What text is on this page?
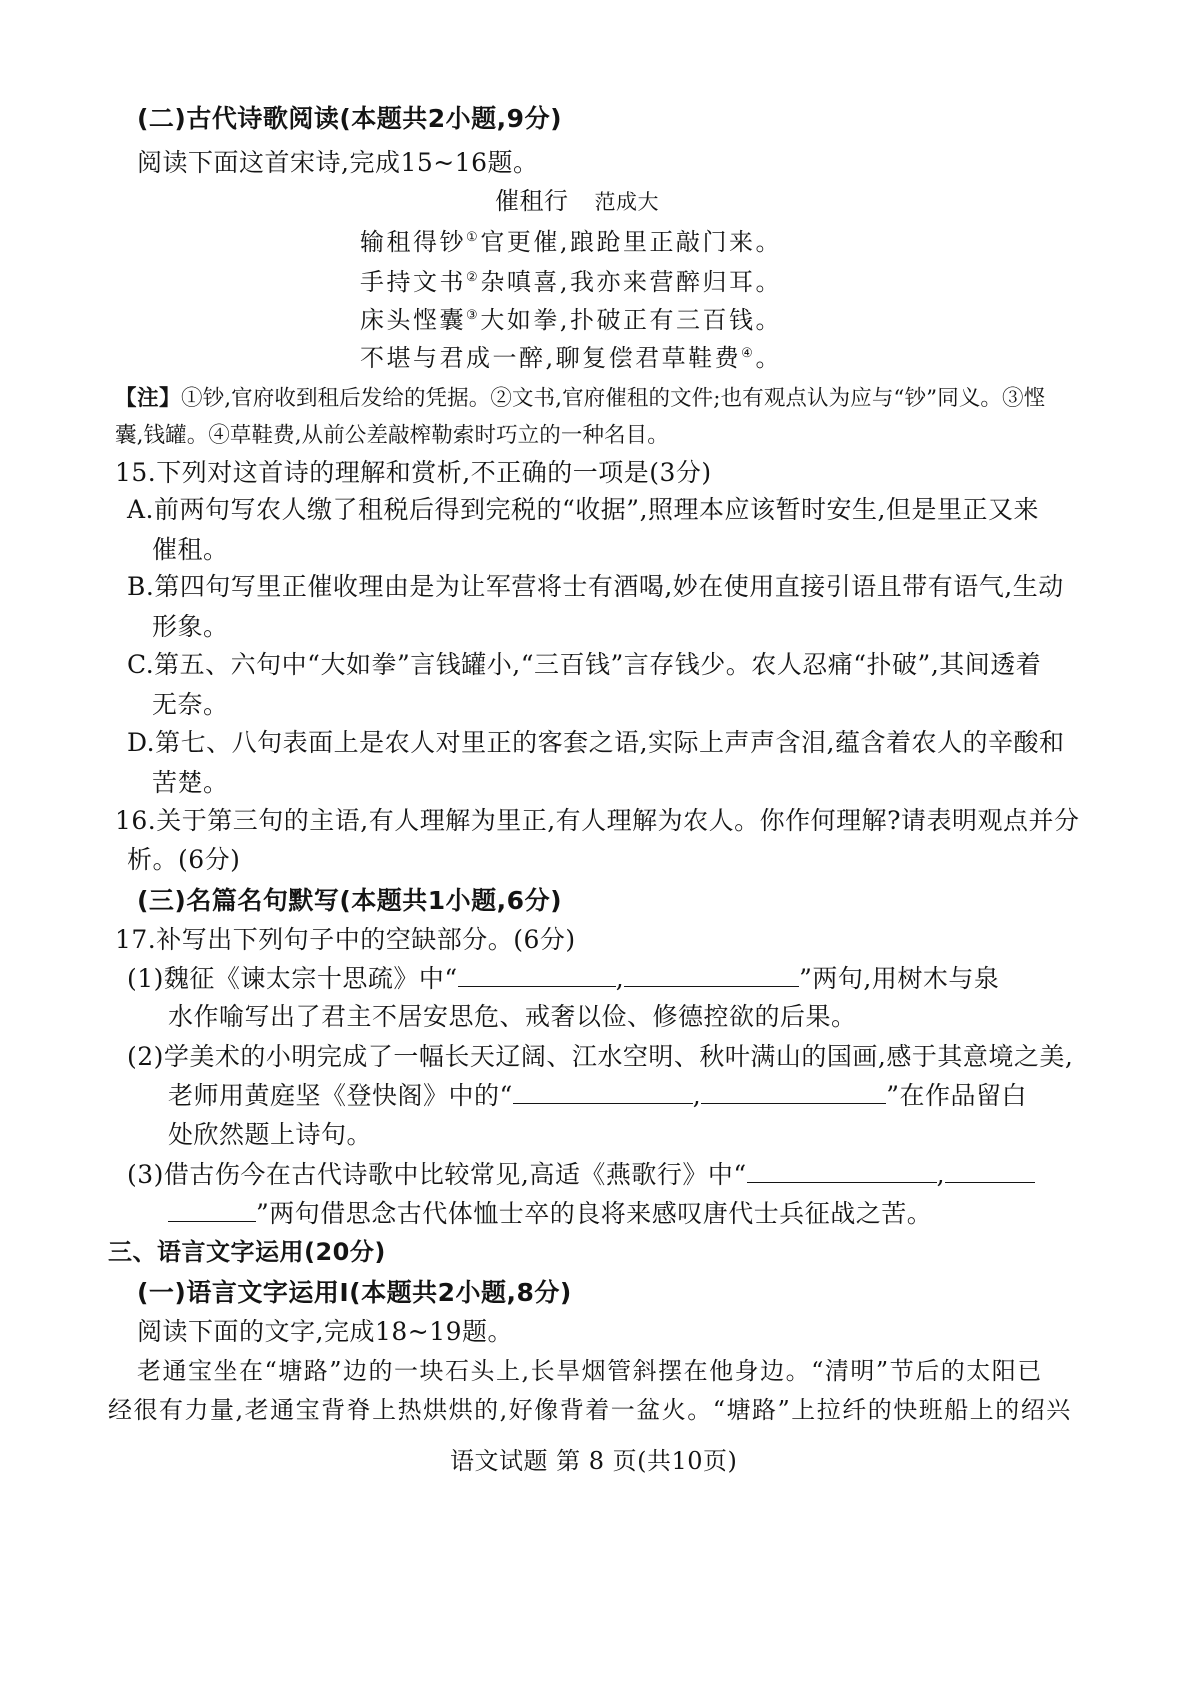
(二)古代诗歌阅读(本题共2小题,9分)
阅读下面这首宋诗,完成15~16题。
催租行 范成大
输租得钞①官更催,踉跄里正敲门来。
手持文书②杂嗔喜,我亦来营醉归耳。
床头悭囊③大如拳,扑破正有三百钱。
不堪与君成一醉,聊复偿君草鞋费④。
【注】①钞,官府收到租后发给的凭据。②文书,官府催租的文件;也有观点认为应与“钞”同义。③悭
囊,钱罐。④草鞋费,从前公差敲榨勒索时巧立的一种名目。
15.下列对这首诗的理解和赏析,不正确的一项是(3分)
A.前两句写农人缴了租税后得到完税的“收据”,照理本应该暂时安生,但是里正又来
催租。
B.第四句写里正催收理由是为让军营将士有酒喝,妙在使用直接引语且带有语气,生动
形象。
C.第五、六句中“大如拳”言钱罐小,“三百钱”言存钱少。农人忍痛“扑破”,其间透着
无奈。
D.第七、八句表面上是农人对里正的客套之语,实际上声声含泪,蕴含着农人的辛酸和
苦楚。
16.关于第三句的主语,有人理解为里正,有人理解为农人。你作何理解?请表明观点并分
析。(6分)
(三)名篇名句默写(本题共1小题,6分)
17.补写出下列句子中的空缺部分。(6分)
(1)魏征《谏太宗十思疏》中“	,	”两句,用树木与泉
水作喻写出了君主不居安思危、戒奢以俭、修德控欲的后果。
(2)学美术的小明完成了一幅长天辽阔、江水空明、秋叶满山的国画,感于其意境之美,
老师用黄庭坚《登快阁》中的“	,	”在作品留白
处欣然题上诗句。
(3)借古伤今在古代诗歌中比较常见,高适《燕歌行》中“	,
”两句借思念古代体恤士卒的良将来感叹唐代士兵征战之苦。
三、语言文字运用(20分)
(一)语言文字运用Ⅰ(本题共2小题,8分)
阅读下面的文字,完成18~19题。
老通宝坐在“塘路”边的一块石头上,长旱烟管斜摆在他身边。“清明”节后的太阳已
经很有力量,老通宝背脊上热烘烘的,好像背着一盆火。“塘路”上拉纤的快班船上的绍兴
语文试题 第 8 页(共10页)
